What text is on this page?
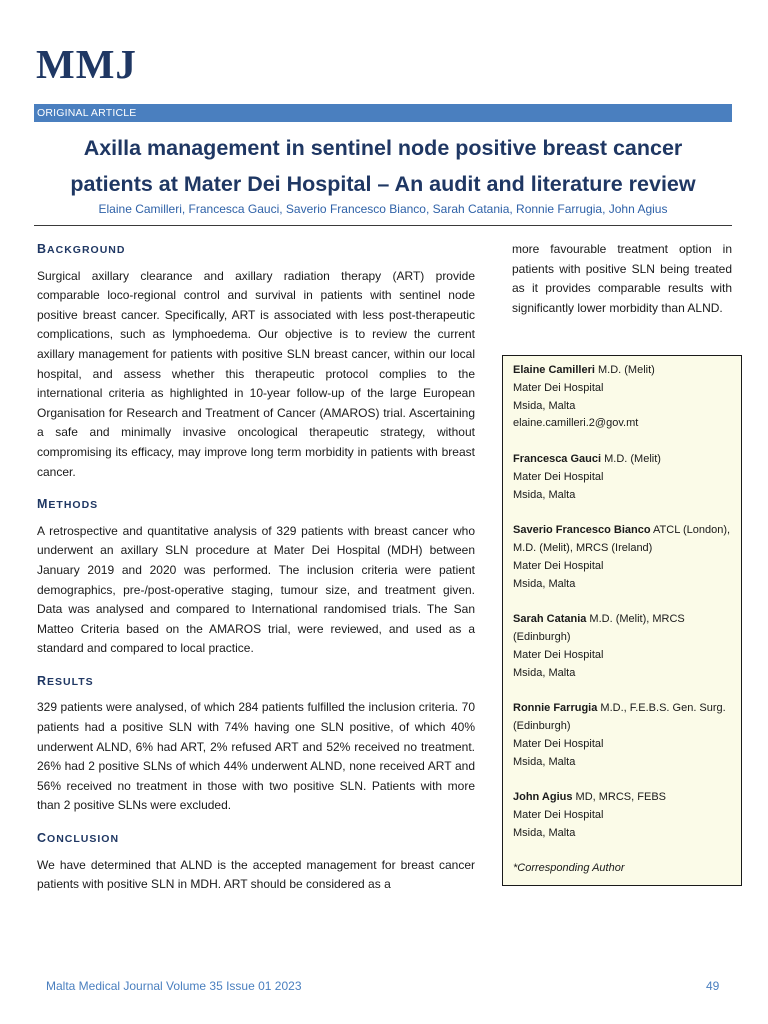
MMJ
ORIGINAL ARTICLE
Axilla management in sentinel node positive breast cancer
patients at Mater Dei Hospital – An audit and literature review
Elaine Camilleri, Francesca Gauci, Saverio Francesco Bianco, Sarah Catania, Ronnie Farrugia, John Agius
BACKGROUND

Surgical axillary clearance and axillary radiation therapy (ART) provide comparable loco-regional control and survival in patients with sentinel node positive breast cancer. Specifically, ART is associated with less post-therapeutic complications, such as lymphoedema. Our objective is to review the current axillary management for patients with positive SLN breast cancer, within our local hospital, and assess whether this therapeutic protocol complies to the international criteria as highlighted in 10-year follow-up of the large European Organisation for Research and Treatment of Cancer (AMAROS) trial. Ascertaining a safe and minimally invasive oncological therapeutic strategy, without compromising its efficacy, may improve long term morbidity in patients with breast cancer.

METHODS

A retrospective and quantitative analysis of 329 patients with breast cancer who underwent an axillary SLN procedure at Mater Dei Hospital (MDH) between January 2019 and 2020 was performed. The inclusion criteria were patient demographics, pre-/post-operative staging, tumour size, and treatment given. Data was analysed and compared to International randomised trials. The San Matteo Criteria based on the AMAROS trial, were reviewed, and used as a standard and compared to local practice.

RESULTS

329 patients were analysed, of which 284 patients fulfilled the inclusion criteria. 70 patients had a positive SLN with 74% having one SLN positive, of which 40% underwent ALND, 6% had ART, 2% refused ART and 52% received no treatment. 26% had 2 positive SLNs of which 44% underwent ALND, none received ART and 56% received no treatment in those with two positive SLN. Patients with more than 2 positive SLNs were excluded.

CONCLUSION

We have determined that ALND is the accepted management for breast cancer patients with positive SLN in MDH. ART should be considered as a

more favourable treatment option in patients with positive SLN being treated as it provides comparable results with significantly lower morbidity than ALND.
Elaine Camilleri M.D. (Melit)
Mater Dei Hospital
Msida, Malta
elaine.camilleri.2@gov.mt
Francesca Gauci M.D. (Melit)
Mater Dei Hospital
Msida, Malta
Saverio Francesco Bianco ATCL (London), M.D. (Melit), MRCS (Ireland)
Mater Dei Hospital
Msida, Malta
Sarah Catania M.D. (Melit), MRCS (Edinburgh)
Mater Dei Hospital
Msida, Malta
Ronnie Farrugia M.D., F.E.B.S. Gen. Surg. (Edinburgh)
Mater Dei Hospital
Msida, Malta
John Agius MD, MRCS, FEBS
Mater Dei Hospital
Msida, Malta
*Corresponding Author
Malta Medical Journal Volume 35 Issue 01 2023	49
